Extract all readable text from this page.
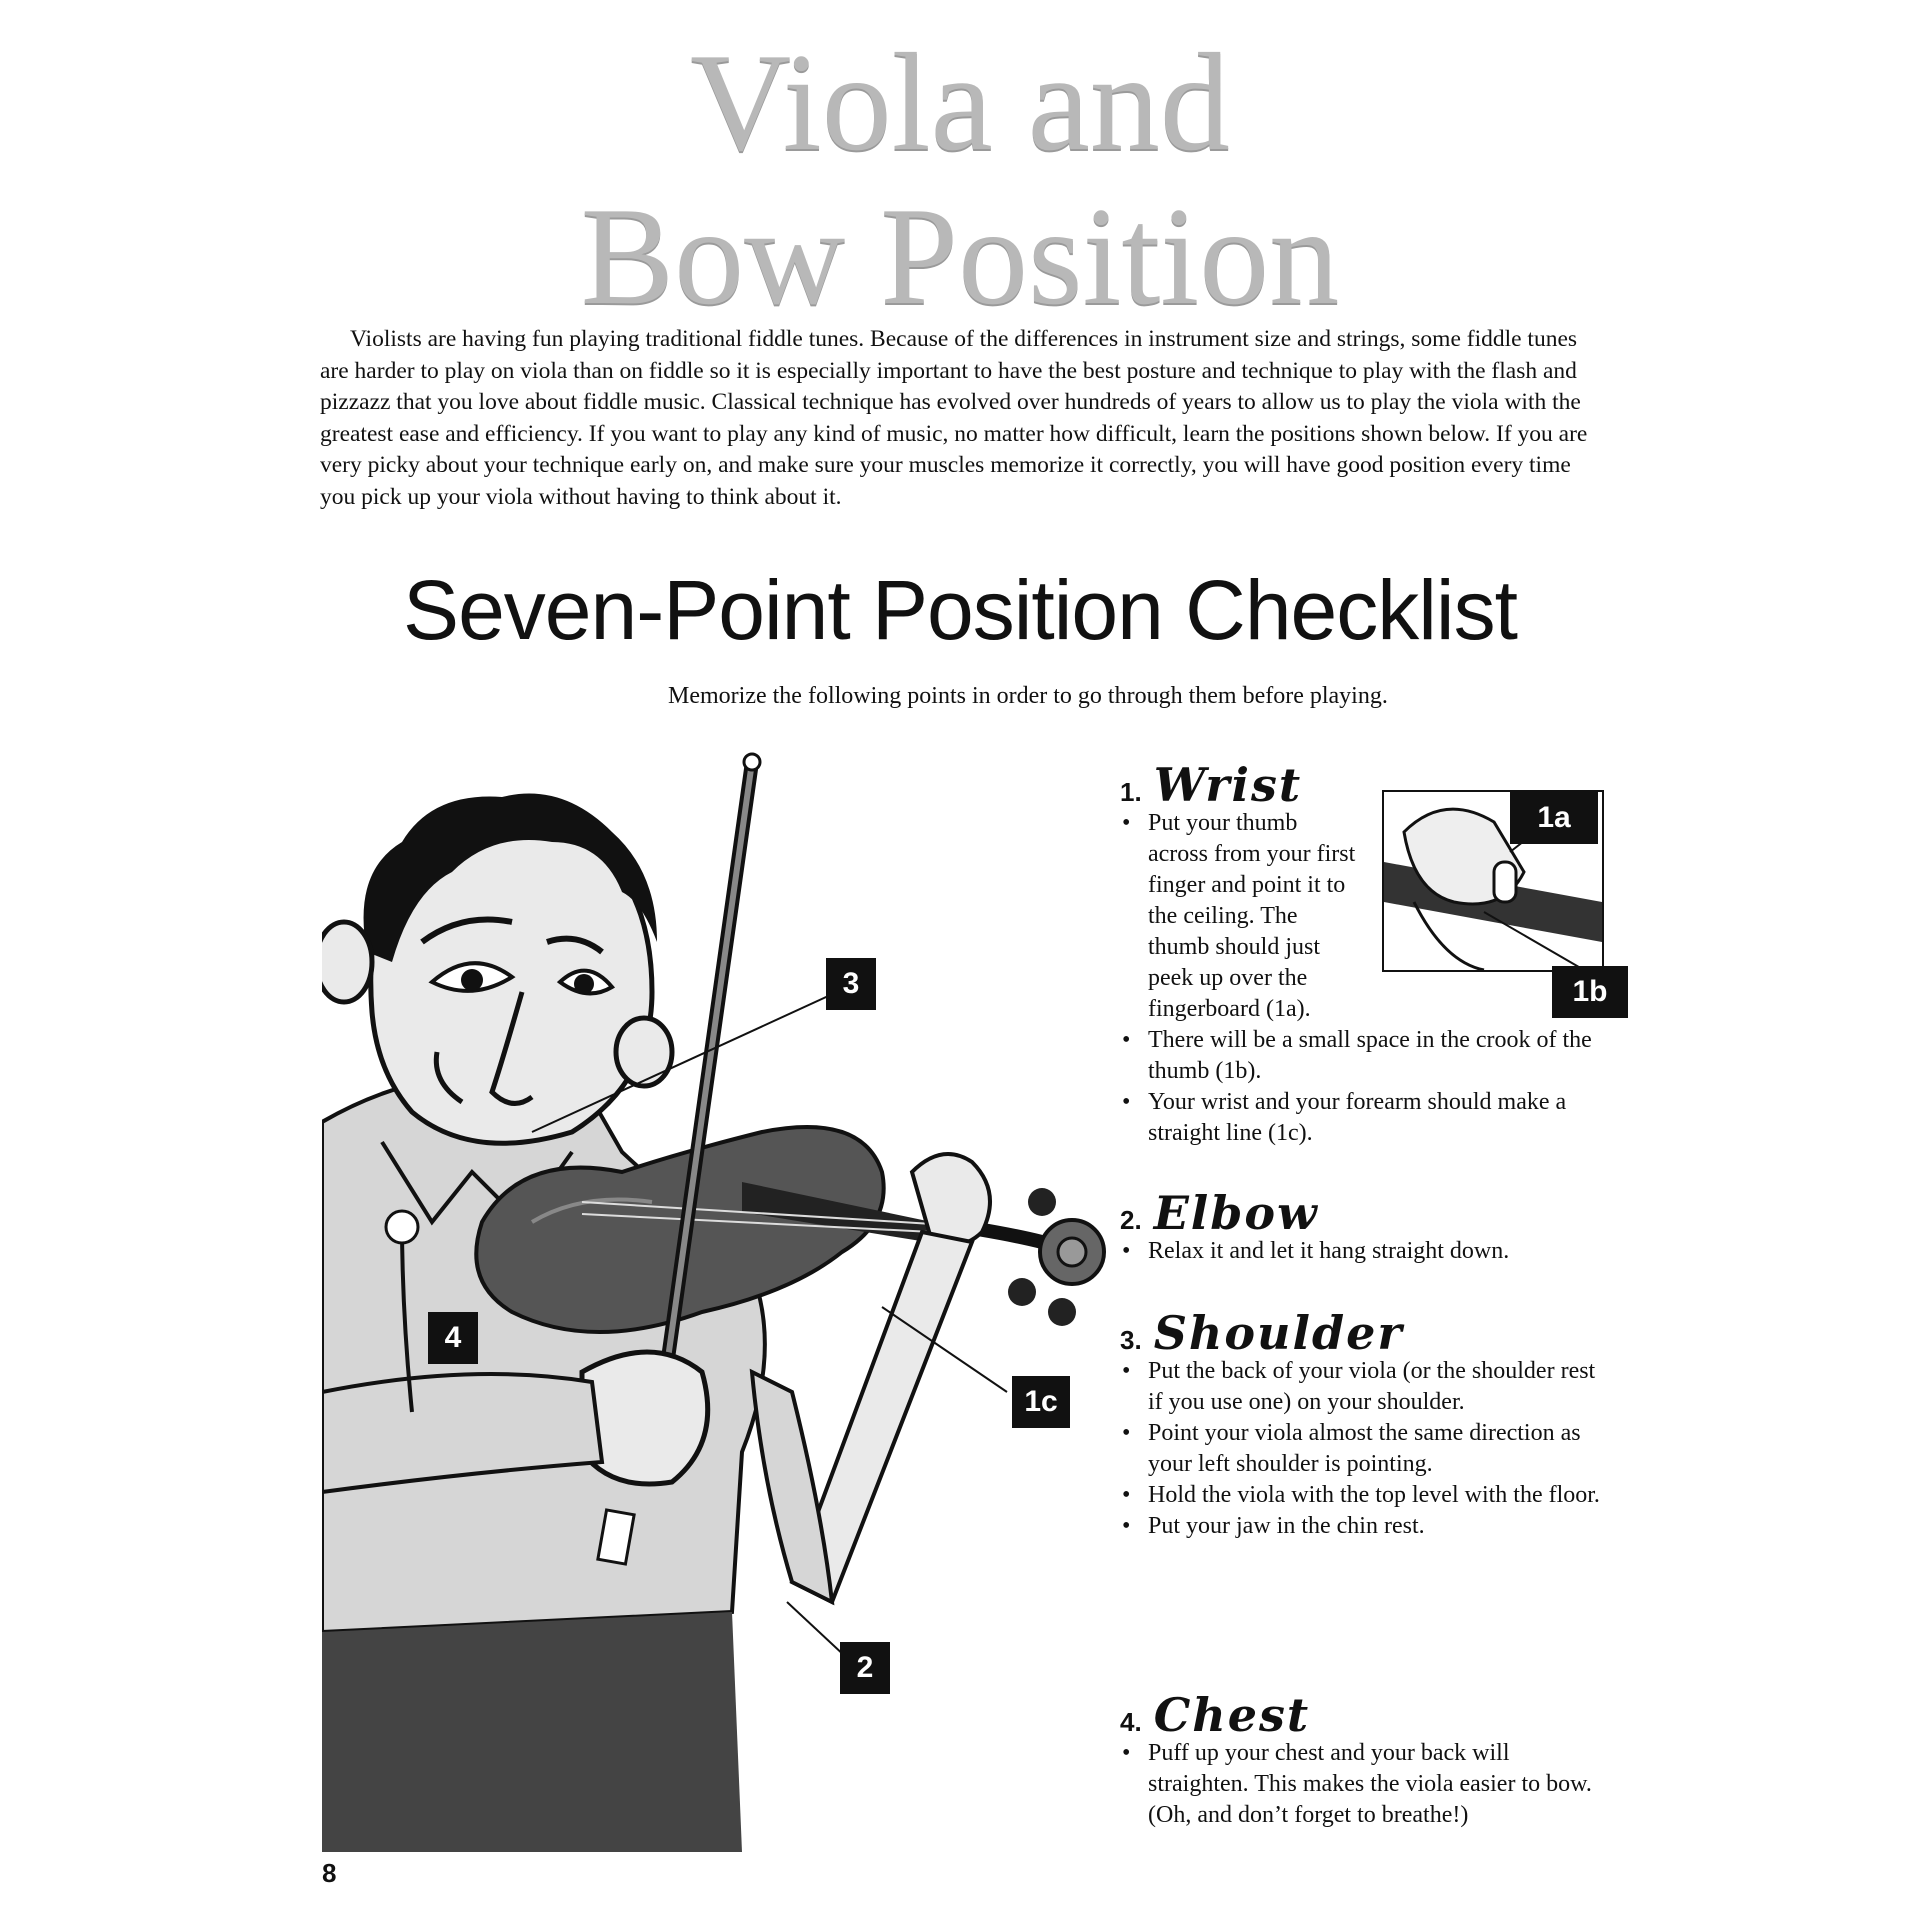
Viola and
Bow Position

Violists are having fun playing traditional fiddle tunes. Because of the differences in instrument size and strings, some fiddle tunes are harder to play on viola than on fiddle so it is especially important to have the best posture and technique to play with the flash and pizzazz that you love about fiddle music. Classical technique has evolved over hundreds of years to allow us to play the viola with the greatest ease and efficiency. If you want to play any kind of music, no matter how difficult, learn the positions shown below. If you are very picky about your technique early on, and make sure your muscles memorize it correctly, you will have good position every time you pick up your viola without having to think about it.

Seven-Point Position Checklist
Memorize the following points in order to go through them before playing.
3
4
1c
2
1a
1b
1. Wrist
• Put your thumb across from your first finger and point it to the ceiling. The thumb should just peek up over the fingerboard (1a).
• There will be a small space in the crook of the thumb (1b).
• Your wrist and your forearm should make a straight line (1c).
2. Elbow
• Relax it and let it hang straight down.
3. Shoulder
• Put the back of your viola (or the shoulder rest if you use one) on your shoulder.
• Point your viola almost the same direction as your left shoulder is pointing.
• Hold the viola with the top level with the floor.
• Put your jaw in the chin rest.
4. Chest
• Puff up your chest and your back will straighten. This makes the viola easier to bow. (Oh, and don’t forget to breathe!)
8
